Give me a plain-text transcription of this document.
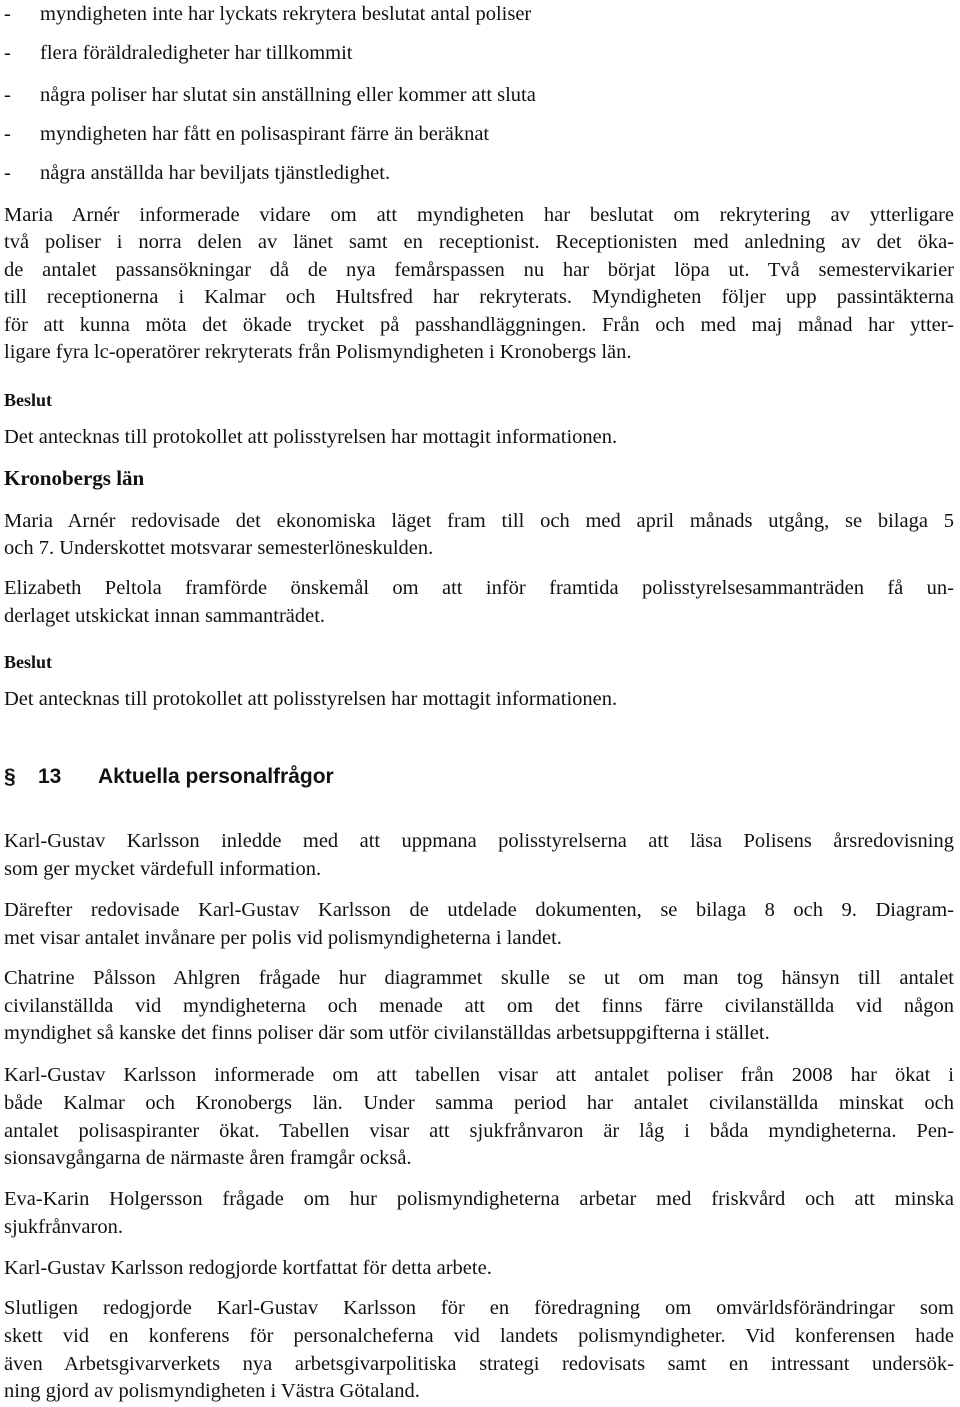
-	myndigheten inte har lyckats rekrytera beslutat antal poliser
-	flera föräldraledigheter har tillkommit
-	några poliser har slutat sin anställning eller kommer att sluta
-	myndigheten har fått en polisaspirant färre än beräknat
-	några anställda har beviljats tjänstledighet.
Maria Arnér informerade vidare om att myndigheten har beslutat om rekrytering av ytterligare
två poliser i norra delen av länet samt en receptionist. Receptionisten med anledning av det öka-
de antalet passansökningar då de nya femårspassen nu har börjat löpa ut. Två semestervikarier
till receptionerna i Kalmar och Hultsfred har rekryterats. Myndigheten följer upp passintäkterna
för att kunna möta det ökade trycket på passhandläggningen. Från och med maj månad har ytter-
ligare fyra lc-operatörer rekryterats från Polismyndigheten i Kronobergs län.
Beslut
Det antecknas till protokollet att polisstyrelsen har mottagit informationen.
Kronobergs län
Maria Arnér redovisade det ekonomiska läget fram till och med april månads utgång, se bilaga 5
och 7. Underskottet motsvarar semesterlöneskulden.
Elizabeth Peltola framförde önskemål om att inför framtida polisstyrelsesammanträden få un-
derlaget utskickat innan sammanträdet.
Beslut
Det antecknas till protokollet att polisstyrelsen har mottagit informationen.
§ 13 Aktuella personalfrågor
Karl-Gustav Karlsson inledde med att uppmana polisstyrelserna att läsa Polisens årsredovisning
som ger mycket värdefull information.
Därefter redovisade Karl-Gustav Karlsson de utdelade dokumenten, se bilaga 8 och 9. Diagram-
met visar antalet invånare per polis vid polismyndigheterna i landet.
Chatrine Pålsson Ahlgren frågade hur diagrammet skulle se ut om man tog hänsyn till antalet
civilanställda vid myndigheterna och menade att om det finns färre civilanställda vid någon
myndighet så kanske det finns poliser där som utför civilanställdas arbetsuppgifterna i stället.
Karl-Gustav Karlsson informerade om att tabellen visar att antalet poliser från 2008 har ökat i
både Kalmar och Kronobergs län. Under samma period har antalet civilanställda minskat och
antalet polisaspiranter ökat. Tabellen visar att sjukfrånvaron är låg i båda myndigheterna. Pen-
sionsavgångarna de närmaste åren framgår också.
Eva-Karin Holgersson frågade om hur polismyndigheterna arbetar med friskvård och att minska
sjukfrånvaron.
Karl-Gustav Karlsson redogjorde kortfattat för detta arbete.
Slutligen redogjorde Karl-Gustav Karlsson för en föredragning om omvärldsförändringar som
skett vid en konferens för personalcheferna vid landets polismyndigheter. Vid konferensen hade
även Arbetsgivarverkets nya arbetsgivarpolitiska strategi redovisats samt en intressant undersök-
ning gjord av polismyndigheten i Västra Götaland.
